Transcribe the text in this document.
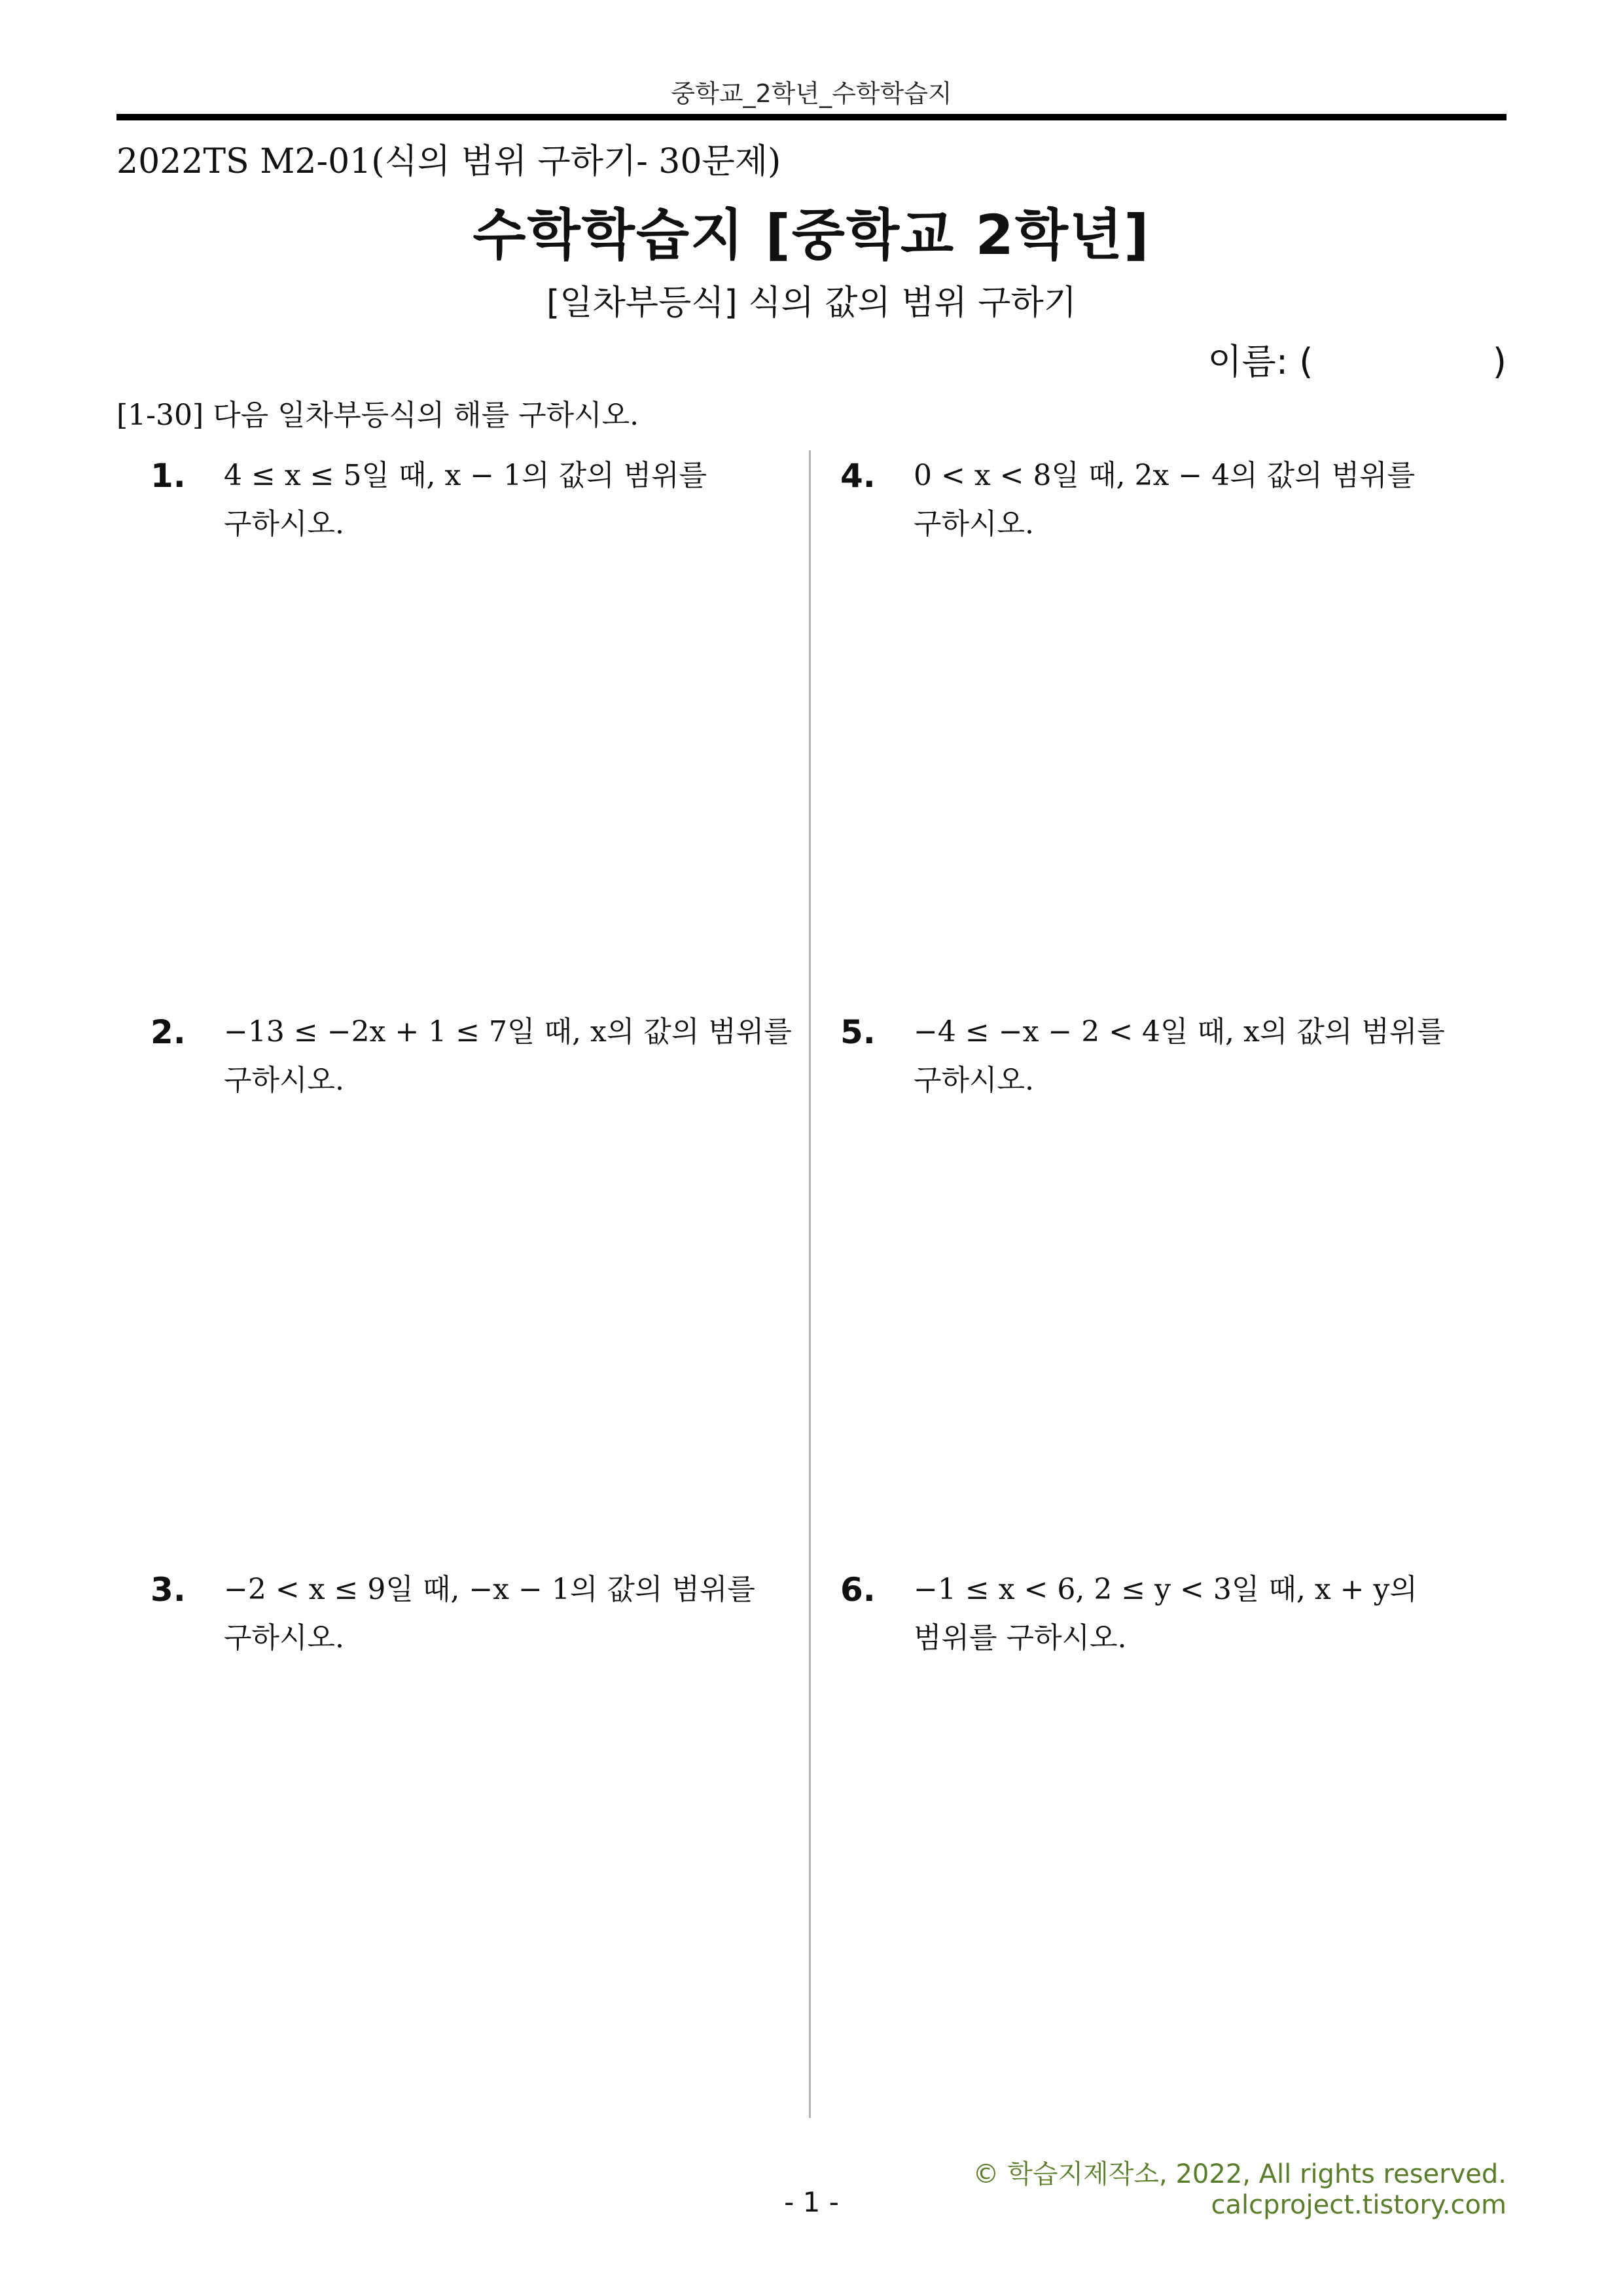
중학교_2학년_수학학습지
2022TS M2-01(식의 범위 구하기- 30문제)
수학학습지 [중학교 2학년]
[일차부등식] 식의 값의 범위 구하기
이름: (	)
[1-30] 다음 일차부등식의 해를 구하시오.
1. 4 ≤ x ≤ 5일 때, x − 1의 값의 범위를
구하시오.
2. −13 ≤ −2x + 1 ≤ 7일 때, x의 값의 범위를
구하시오.
3. −2 < x ≤ 9일 때, −x − 1의 값의 범위를
구하시오.
4. 0 < x < 8일 때, 2x − 4의 값의 범위를
구하시오.
5. −4 ≤ −x − 2 < 4일 때, x의 값의 범위를
구하시오.
6. −1 ≤ x < 6, 2 ≤ y < 3일 때, x + y의
범위를 구하시오.
© 학습지제작소, 2022, All rights reserved.
calcproject.tistory.com
- 1 -
